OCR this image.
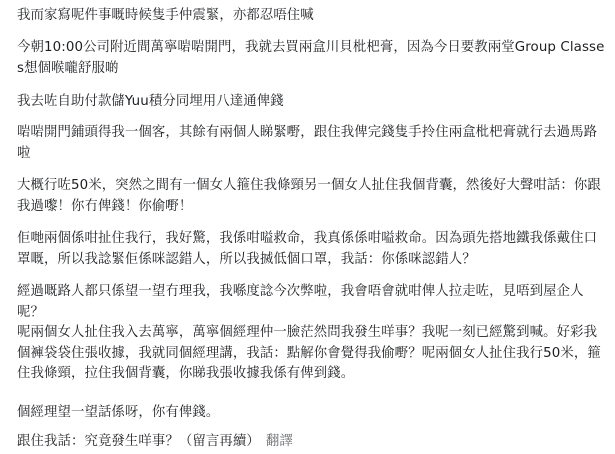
我而家寫呢件事嘅時候隻手仲震緊，亦都忍唔住喊

今朝10:00公司附近間萬寧啱啱開門，我就去買兩盒川貝枇杷膏，因為今日要教兩堂Group Classes想個喉嚨舒服啲

我去咗自助付款儲Yuu積分同埋用八達通俾錢

啱啱開門鋪頭得我一個客，其餘有兩個人睇緊嘢，跟住我俾完錢隻手拎住兩盒枇杷膏就行去過馬路啦

大概行咗50米，突然之間有一個女人箍住我條頸另一個女人扯住我個背囊，然後好大聲咁話：你跟我過嚟！你冇俾錢！你偷嘢！

佢哋兩個係咁扯住我行，我好驚，我係咁嗌救命，我真係係咁嗌救命。因為頭先搭地鐵我係戴住口罩嘅，所以我諗緊佢係咪認錯人，所以我搣低個口罩，我話：你係咪認錯人？

經過嘅路人都只係望一望冇理我，我喺度諗今次弊啦，我會唔會就咁俾人拉走咗，見唔到屋企人呢？

呢兩個女人扯住我入去萬寧，萬寧個經理仲一臉茫然問我發生咩事？我呢一刻已經驚到喊。好彩我個褲袋袋住張收據，我就同個經理講，我話：點解你會覺得我偷嘢？呢兩個女人扯住我行50米，箍住我條頸，拉住我個背囊，你睇我張收據我係有俾到錢。

個經理望一望話係呀，你有俾錢。

跟住我話：究竟發生咩事？（留言再續） 翻譯
